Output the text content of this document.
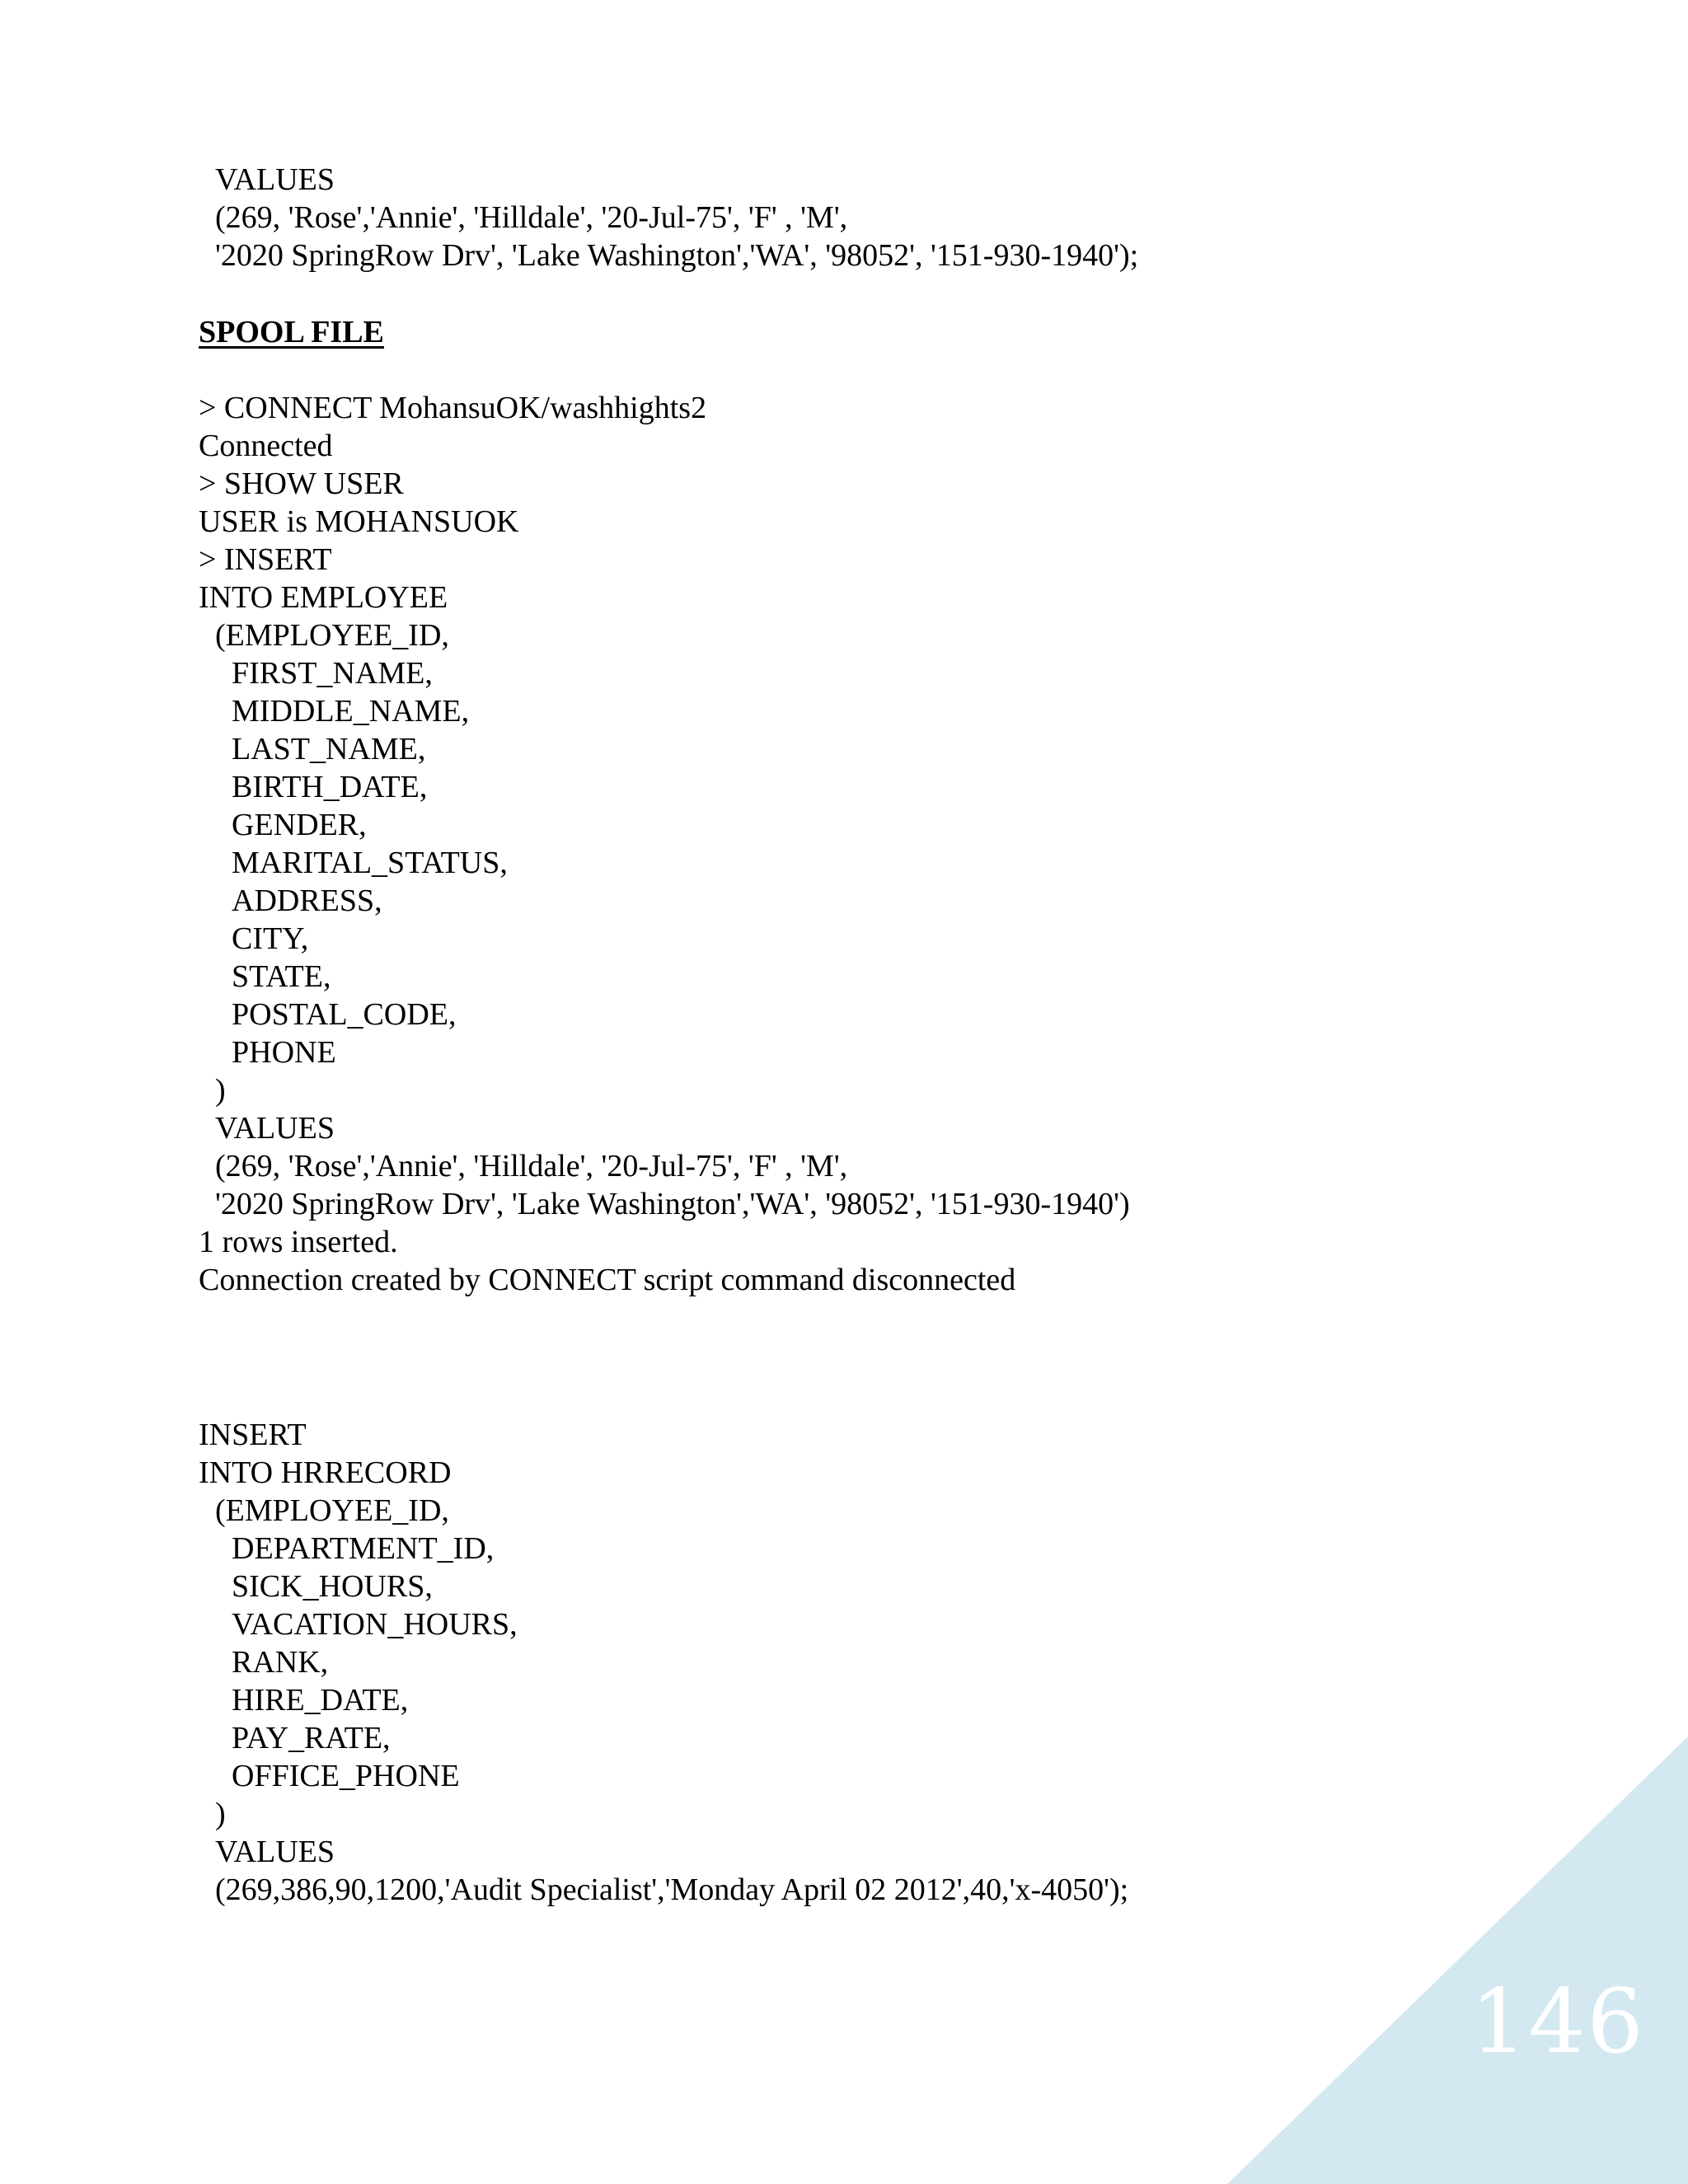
VALUES
(269, 'Rose','Annie', 'Hilldale', '20-Jul-75', 'F' , 'M',
'2020 SpringRow Drv', 'Lake Washington','WA', '98052', '151-930-1940');
SPOOL FILE
> CONNECT MohansuOK/washhights2
Connected
> SHOW USER
USER is MOHANSUOK
> INSERT
INTO EMPLOYEE
(EMPLOYEE_ID,
FIRST_NAME,
MIDDLE_NAME,
LAST_NAME,
BIRTH_DATE,
GENDER,
MARITAL_STATUS,
ADDRESS,
CITY,
STATE,
POSTAL_CODE,
PHONE
)
VALUES
(269, 'Rose','Annie', 'Hilldale', '20-Jul-75', 'F' , 'M',
'2020 SpringRow Drv', 'Lake Washington','WA', '98052', '151-930-1940')
1 rows inserted.
Connection created by CONNECT script command disconnected
INSERT
INTO HRRECORD
(EMPLOYEE_ID,
DEPARTMENT_ID,
SICK_HOURS,
VACATION_HOURS,
RANK,
HIRE_DATE,
PAY_RATE,
OFFICE_PHONE
)
VALUES
(269,386,90,1200,'Audit Specialist','Monday April 02 2012',40,'x-4050');
146
